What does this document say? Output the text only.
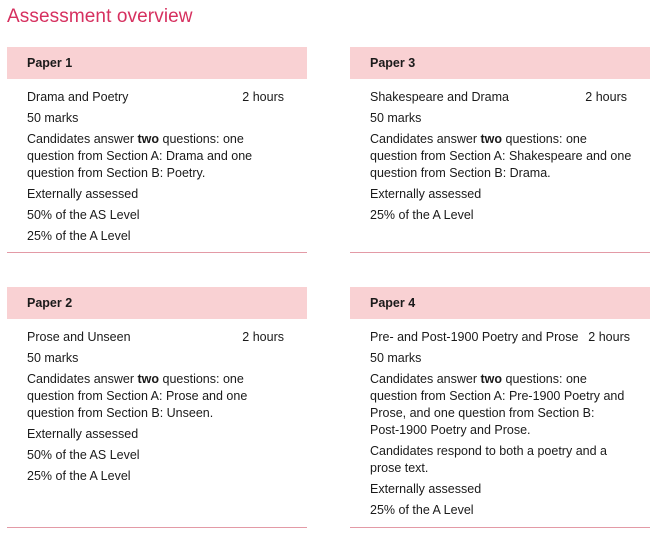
Assessment overview
Paper 1
Drama and Poetry	2 hours

50 marks

Candidates answer two questions: one question from Section A: Drama and one question from Section B: Poetry.

Externally assessed

50% of the AS Level

25% of the A Level

Paper 3
Shakespeare and Drama	2 hours

50 marks

Candidates answer two questions: one question from Section A: Shakespeare and one question from Section B: Drama.

Externally assessed

25% of the A Level

Paper 2
Prose and Unseen	2 hours

50 marks

Candidates answer two questions: one question from Section A: Prose and one question from Section B: Unseen.

Externally assessed

50% of the AS Level

25% of the A Level

Paper 4
Pre- and Post-1900 Poetry and Prose 2 hours

50 marks

Candidates answer two questions: one question from Section A: Pre-1900 Poetry and Prose, and one question from Section B: Post-1900 Poetry and Prose.

Candidates respond to both a poetry and a prose text.

Externally assessed

25% of the A Level
